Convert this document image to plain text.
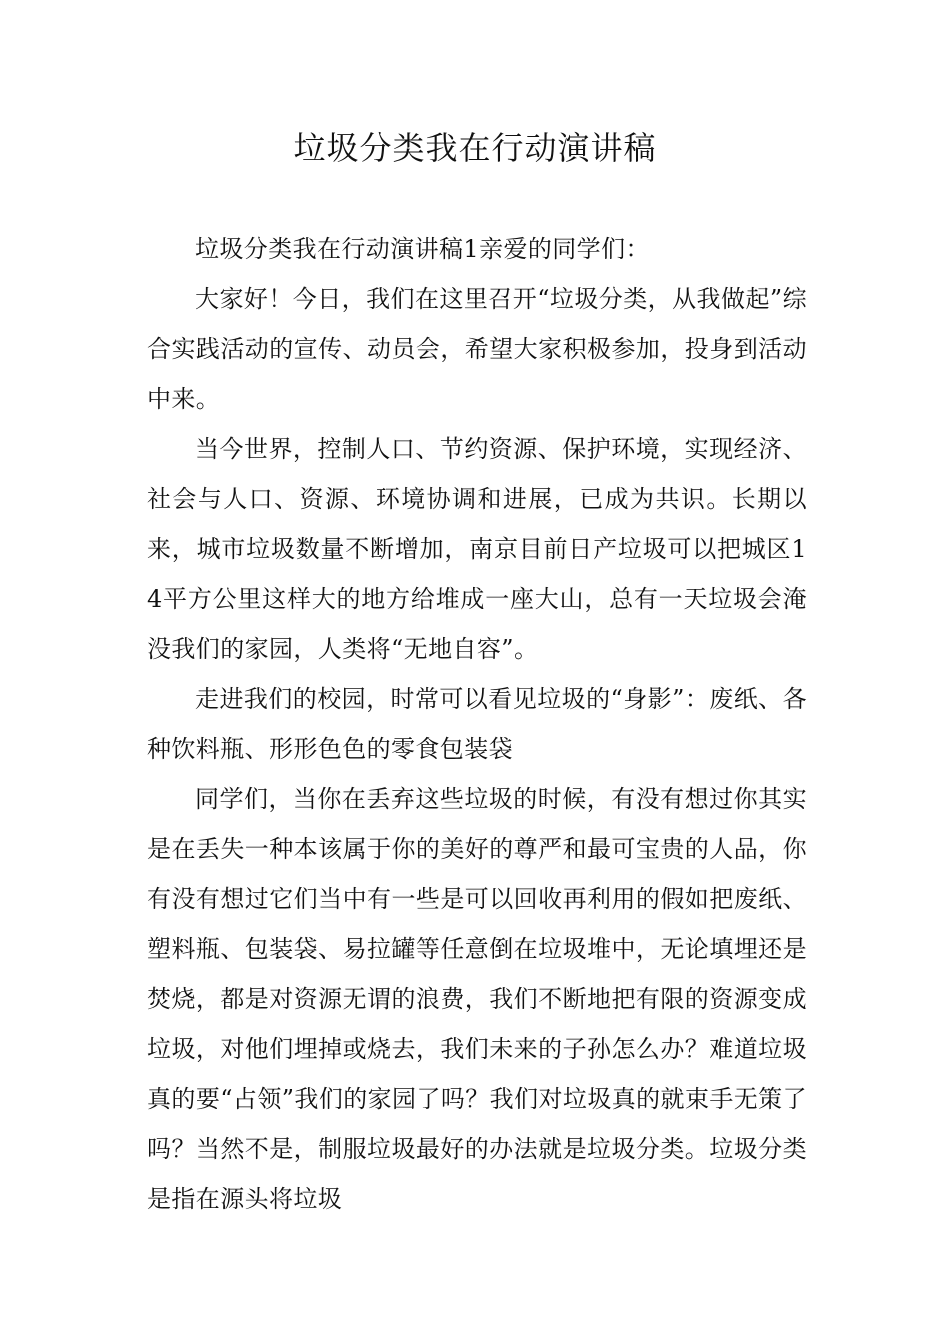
垃圾分类我在行动演讲稿

垃圾分类我在行动演讲稿1亲爱的同学们：

大家好！今日，我们在这里召开“垃圾分类，从我做起”综合实践活动的宣传、动员会，希望大家积极参加，投身到活动中来。

当今世界，控制人口、节约资源、保护环境，实现经济、社会与人口、资源、环境协调和进展，已成为共识。长期以来，城市垃圾数量不断增加，南京目前日产垃圾可以把城区14平方公里这样大的地方给堆成一座大山，总有一天垃圾会淹没我们的家园，人类将“无地自容”。

走进我们的校园，时常可以看见垃圾的“身影”：废纸、各种饮料瓶、形形色色的零食包装袋

同学们，当你在丢弃这些垃圾的时候，有没有想过你其实是在丢失一种本该属于你的美好的尊严和最可宝贵的人品，你有没有想过它们当中有一些是可以回收再利用的假如把废纸、塑料瓶、包装袋、易拉罐等任意倒在垃圾堆中，无论填埋还是焚烧，都是对资源无谓的浪费，我们不断地把有限的资源变成垃圾，对他们埋掉或烧去，我们未来的子孙怎么办？难道垃圾真的要“占领”我们的家园了吗？我们对垃圾真的就束手无策了吗？当然不是，制服垃圾最好的办法就是垃圾分类。垃圾分类是指在源头将垃圾
